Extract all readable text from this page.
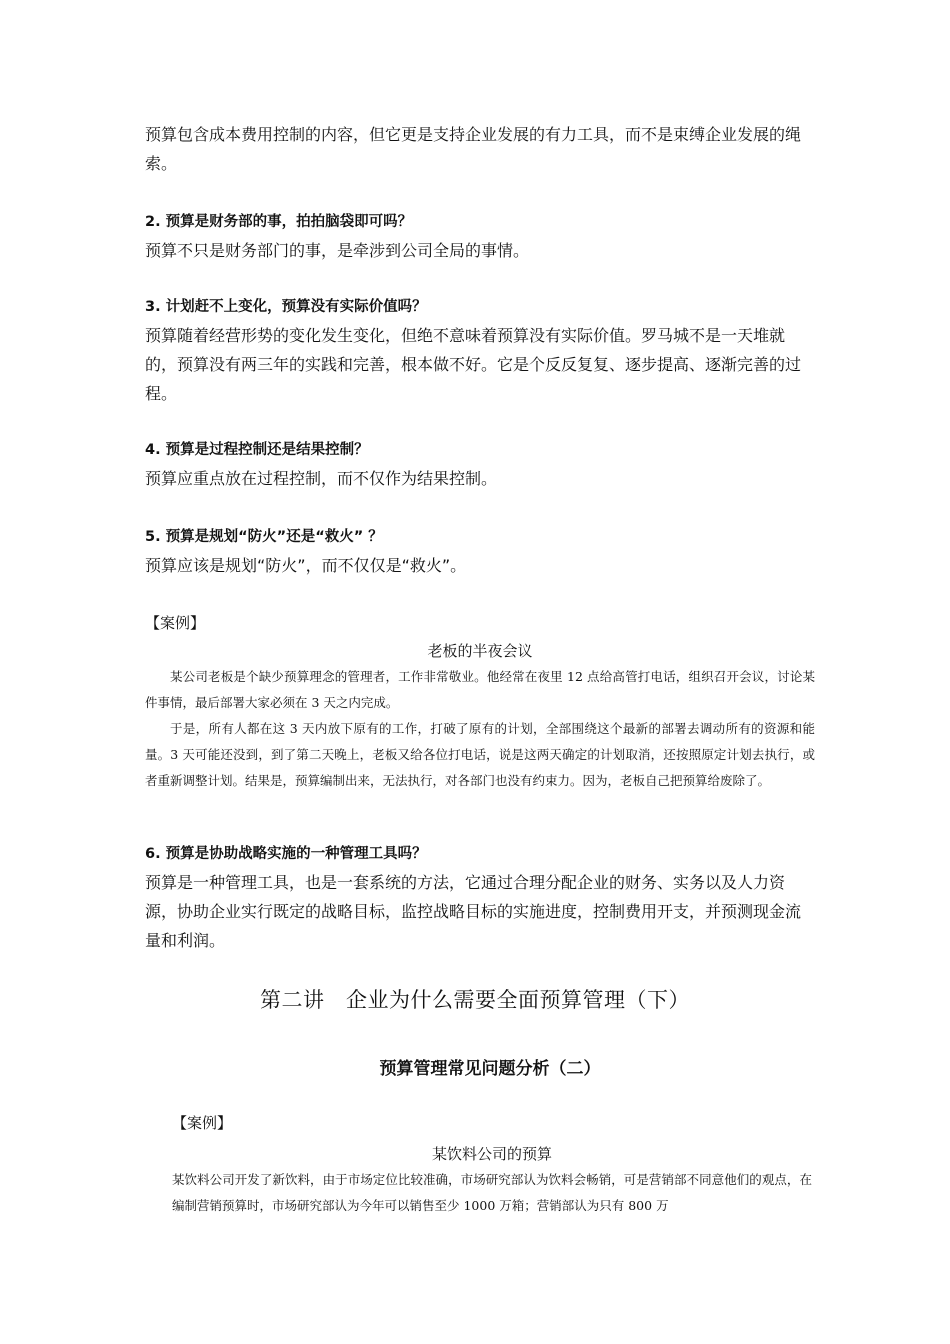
预算包含成本费用控制的内容，但它更是支持企业发展的有力工具，而不是束缚企业发展的绳索。

2. 预算是财务部的事，拍拍脑袋即可吗？

预算不只是财务部门的事，是牵涉到公司全局的事情。

3. 计划赶不上变化，预算没有实际价值吗？

预算随着经营形势的变化发生变化，但绝不意味着预算没有实际价值。罗马城不是一天堆就的，预算没有两三年的实践和完善，根本做不好。它是个反反复复、逐步提高、逐渐完善的过程。

4. 预算是过程控制还是结果控制？

预算应重点放在过程控制，而不仅作为结果控制。

5. 预算是规划“防火”还是“救火” ？

预算应该是规划“防火”，而不仅仅是“救火”。

【案例】

老板的半夜会议

某公司老板是个缺少预算理念的管理者，工作非常敬业。他经常在夜里 12 点给高管打电话，组织召开会议，讨论某件事情，最后部署大家必须在 3 天之内完成。

于是，所有人都在这 3 天内放下原有的工作，打破了原有的计划，全部围绕这个最新的部署去调动所有的资源和能量。3 天可能还没到，到了第二天晚上，老板又给各位打电话，说是这两天确定的计划取消，还按照原定计划去执行，或者重新调整计划。结果是，预算编制出来，无法执行，对各部门也没有约束力。因为，老板自己把预算给废除了。

6. 预算是协助战略实施的一种管理工具吗？

预算是一种管理工具，也是一套系统的方法，它通过合理分配企业的财务、实务以及人力资源，协助企业实行既定的战略目标，监控战略目标的实施进度，控制费用开支，并预测现金流量和利润。

第二讲　企业为什么需要全面预算管理（下）
预算管理常见问题分析（二）

【案例】

某饮料公司的预算

某饮料公司开发了新饮料，由于市场定位比较准确，市场研究部认为饮料会畅销，可是营销部不同意他们的观点，在编制营销预算时，市场研究部认为今年可以销售至少 1000 万箱；营销部认为只有 800 万
